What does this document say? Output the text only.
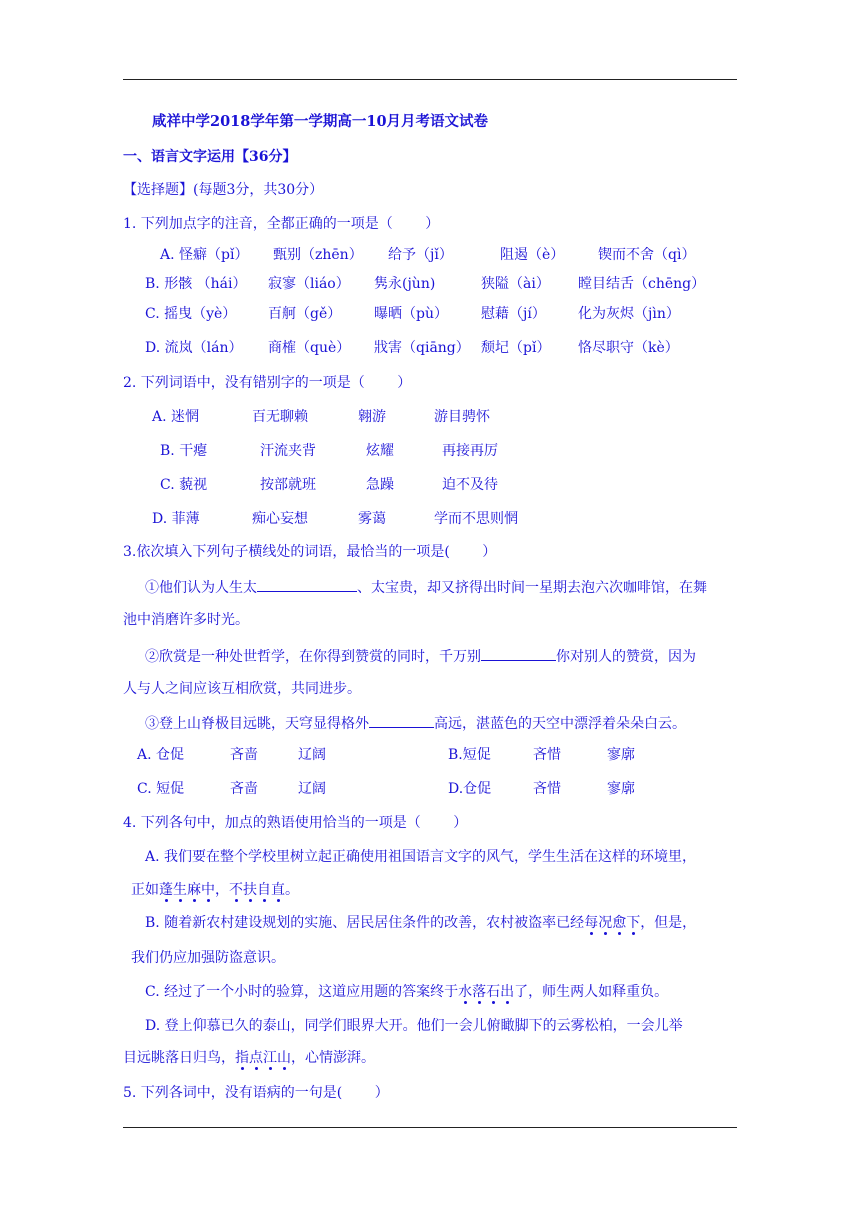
咸祥中学2018学年第一学期高一10月月考语文试卷
一、语言文字运用【36分】
【选择题】(每题3分，共30分）
1. 下列加点字的注音，全都正确的一项是（　　 ）
A. 怪癖（pǐ） 甄别（zhēn） 给予（jǐ）	阻遏（è） 锲而不舍（qì）
B. 形骸 （hái） 寂寥（liáo） 隽永(jùn)	狭隘（ài） 瞠目结舌（chēng）
C. 摇曳（yè） 百舸（gě） 曝晒（pù） 慰藉（jí） 化为灰烬（jìn）
D. 流岚（lán） 商榷（què） 戕害（qiāng） 颓圮（pǐ） 恪尽职守（kè）
2. 下列词语中，没有错别字的一项是（　　 ）
A. 迷惘	百无聊赖	翱游	游目骋怀
B. 干瘪	汗流夹背	炫耀	再接再厉
C. 藐视	按部就班	急躁	迫不及待
D. 菲薄	痴心妄想	雾蔼	学而不思则惘
3.依次填入下列句子横线处的词语，最恰当的一项是(　　 ）
①他们认为人生太	、太宝贵，却又挤得出时间一星期去泡六次咖啡馆，在舞
池中消磨许多时光。
②欣赏是一种处世哲学，在你得到赞赏的同时，千万别	你对别人的赞赏，因为
人与人之间应该互相欣赏，共同进步。
③登上山脊极目远眺，天穹显得格外	高远，湛蓝色的天空中漂浮着朵朵白云。
A. 仓促	吝啬	辽阔	B.短促	吝惜	寥廓
C. 短促	吝啬	辽阔	D.仓促	吝惜	寥廓
4. 下列各句中，加点的熟语使用恰当的一项是（　　 ）
A. 我们要在整个学校里树立起正确使用祖国语言文字的风气，学生生活在这样的环境里，
正如蓬生麻中，不扶自直。
B. 随着新农村建设规划的实施、居民居住条件的改善，农村被盗率已经每况愈下，但是，
我们仍应加强防盗意识。
C. 经过了一个小时的验算，这道应用题的答案终于水落石出了，师生两人如释重负。
D. 登上仰慕已久的泰山，同学们眼界大开。他们一会儿俯瞰脚下的云雾松柏，一会儿举
目远眺落日归鸟，指点江山，心情澎湃。
5. 下列各词中，没有语病的一句是(　　 ）
